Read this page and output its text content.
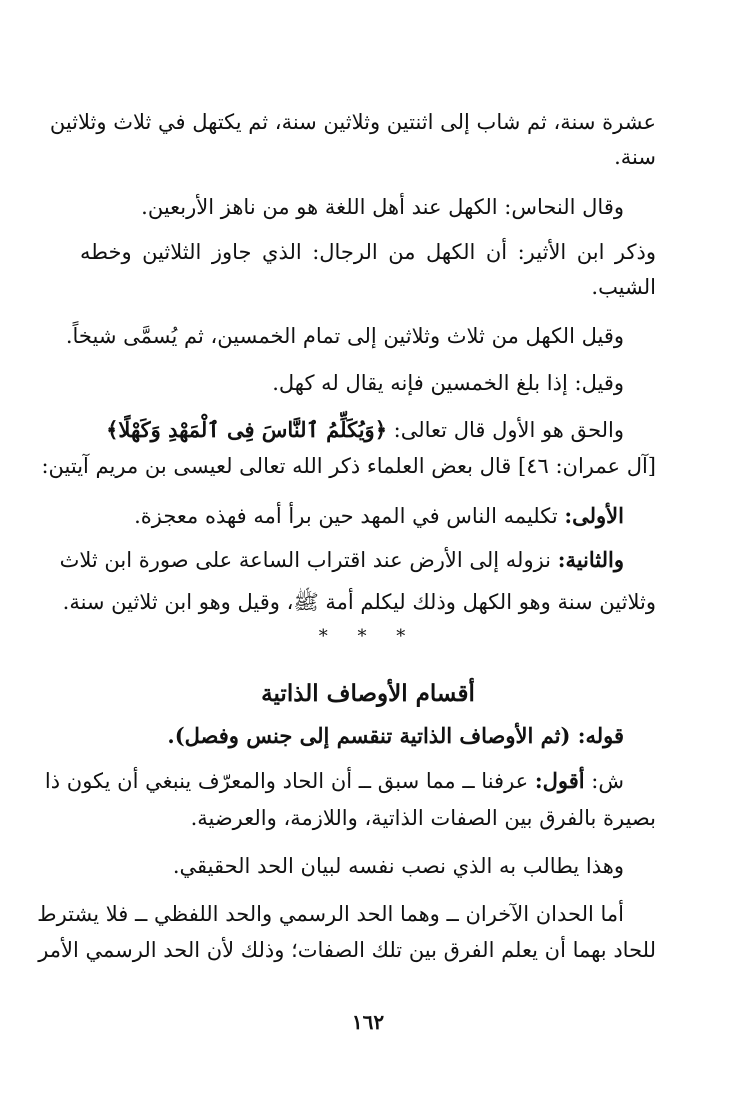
عشرة سنة، ثم شاب إلى اثنتين وثلاثين سنة، ثم يكتهل في ثلاث وثلاثين
سنة.
وقال النحاس: الكهل عند أهل اللغة هو من ناهز الأربعين.
وذكر ابن الأثير: أن الكهل من الرجال: الذي جاوز الثلاثين وخطه
الشيب.
وقيل الكهل من ثلاث وثلاثين إلى تمام الخمسين، ثم يُسمَّى شيخاً.
وقيل: إذا بلغ الخمسين فإنه يقال له كهل.
والحق هو الأول قال تعالى: ﴿وَيُكَلِّمُ ٱلنَّاسَ فِى ٱلْمَهْدِ وَكَهْلًا﴾
[آل عمران: ٤٦] قال بعض العلماء ذكر الله تعالى لعيسى بن مريم آيتين:
الأولى: تكليمه الناس في المهد حين برأ أمه فهذه معجزة.
والثانية: نزوله إلى الأرض عند اقتراب الساعة على صورة ابن ثلاث
وثلاثين سنة وهو الكهل وذلك ليكلم أمة ﷺ، وقيل وهو ابن ثلاثين سنة.
* * *
أقسام الأوصاف الذاتية
قوله: (ثم الأوصاف الذاتية تنقسم إلى جنس وفصل).
ش: أقول: عرفنا ــ مما سبق ــ أن الحاد والمعرّف ينبغي أن يكون ذا
بصيرة بالفرق بين الصفات الذاتية، واللازمة، والعرضية.
وهذا يطالب به الذي نصب نفسه لبيان الحد الحقيقي.
أما الحدان الآخران ــ وهما الحد الرسمي والحد اللفظي ــ فلا يشترط
للحاد بهما أن يعلم الفرق بين تلك الصفات؛ وذلك لأن الحد الرسمي الأمر
١٦٢
